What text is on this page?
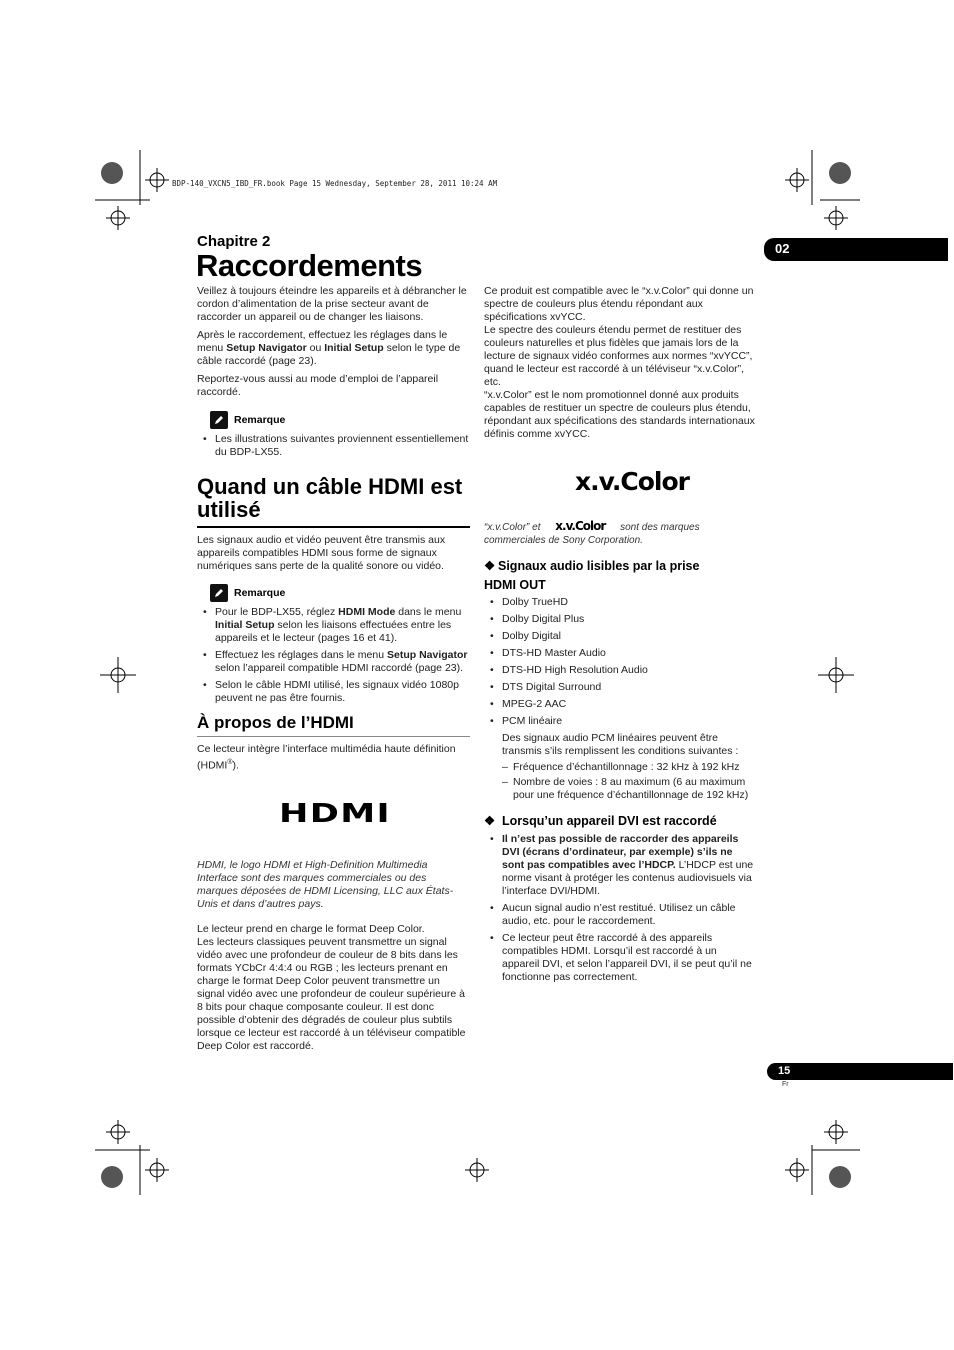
BDP-140_VXCN5_IBD_FR.book Page 15 Wednesday, September 28, 2011 10:24 AM
Chapitre 2
Raccordements	02

Veillez à toujours éteindre les appareils et à débrancher le cordon d’alimentation de la prise secteur avant de raccorder un appareil ou de changer les liaisons.

Après le raccordement, effectuez les réglages dans le menu Setup Navigator ou Initial Setup selon le type de câble raccordé (page 23).

Reportez-vous aussi au mode d’emploi de l’appareil raccordé.

Remarque
• Les illustrations suivantes proviennent essentiellement du BDP-LX55.
Quand un câble HDMI est utilisé

Les signaux audio et vidéo peuvent être transmis aux appareils compatibles HDMI sous forme de signaux numériques sans perte de la qualité sonore ou vidéo.

Remarque
• Pour le BDP-LX55, réglez HDMI Mode dans le menu Initial Setup selon les liaisons effectuées entre les appareils et le lecteur (pages 16 et 41).
• Effectuez les réglages dans le menu Setup Navigator selon l’appareil compatible HDMI raccordé (page 23).
• Selon le câble HDMI utilisé, les signaux vidéo 1080p peuvent ne pas être fournis.
À propos de l’HDMI

Ce lecteur intègre l’interface multimédia haute définition (HDMI®).

HDMI

HDMI, le logo HDMI et High-Definition Multimedia Interface sont des marques commerciales ou des marques déposées de HDMI Licensing, LLC aux États-Unis et dans d’autres pays.

Le lecteur prend en charge le format Deep Color.

Les lecteurs classiques peuvent transmettre un signal vidéo avec une profondeur de couleur de 8 bits dans les formats YCbCr 4:4:4 ou RGB ; les lecteurs prenant en charge le format Deep Color peuvent transmettre un signal vidéo avec une profondeur de couleur supérieure à 8 bits pour chaque composante couleur. Il est donc possible d’obtenir des dégradés de couleur plus subtils lorsque ce lecteur est raccordé à un téléviseur compatible Deep Color est raccordé.

Ce produit est compatible avec le “x.v.Color” qui donne un spectre de couleurs plus étendu répondant aux spécifications xvYCC.

Le spectre des couleurs étendu permet de restituer des couleurs naturelles et plus fidèles que jamais lors de la lecture de signaux vidéo conformes aux normes “xvYCC”, quand le lecteur est raccordé à un téléviseur “x.v.Color”, etc.

“x.v.Color” est le nom promotionnel donné aux produits capables de restituer un spectre de couleurs plus étendu, répondant aux spécifications des standards internationaux définis comme xvYCC.

x.v.Color

“x.v.Color” et x.v.Color sont des marques
commerciales de Sony Corporation.

❖ Signaux audio lisibles par la prise
HDMI OUT
• Dolby TrueHD
• Dolby Digital Plus
• Dolby Digital
• DTS-HD Master Audio
• DTS-HD High Resolution Audio
• DTS Digital Surround
• MPEG-2 AAC
• PCM linéaire

Des signaux audio PCM linéaires peuvent être transmis s’ils remplissent les conditions suivantes :

– Fréquence d’échantillonnage : 32 kHz à 192 kHz
– Nombre de voies : 8 au maximum (6 au maximum pour une fréquence d’échantillonnage de 192 kHz)
❖ Lorsqu’un appareil DVI est raccordé
• Il n’est pas possible de raccorder des appareils DVI (écrans d’ordinateur, par exemple) s’ils ne sont pas compatibles avec l’HDCP. L’HDCP est une norme visant à protéger les contenus audiovisuels via l’interface DVI/HDMI.
• Aucun signal audio n’est restitué. Utilisez un câble audio, etc. pour le raccordement.
• Ce lecteur peut être raccordé à des appareils compatibles HDMI. Lorsqu’il est raccordé à un appareil DVI, et selon l’appareil DVI, il se peut qu’il ne fonctionne pas correctement.
15
Fr
